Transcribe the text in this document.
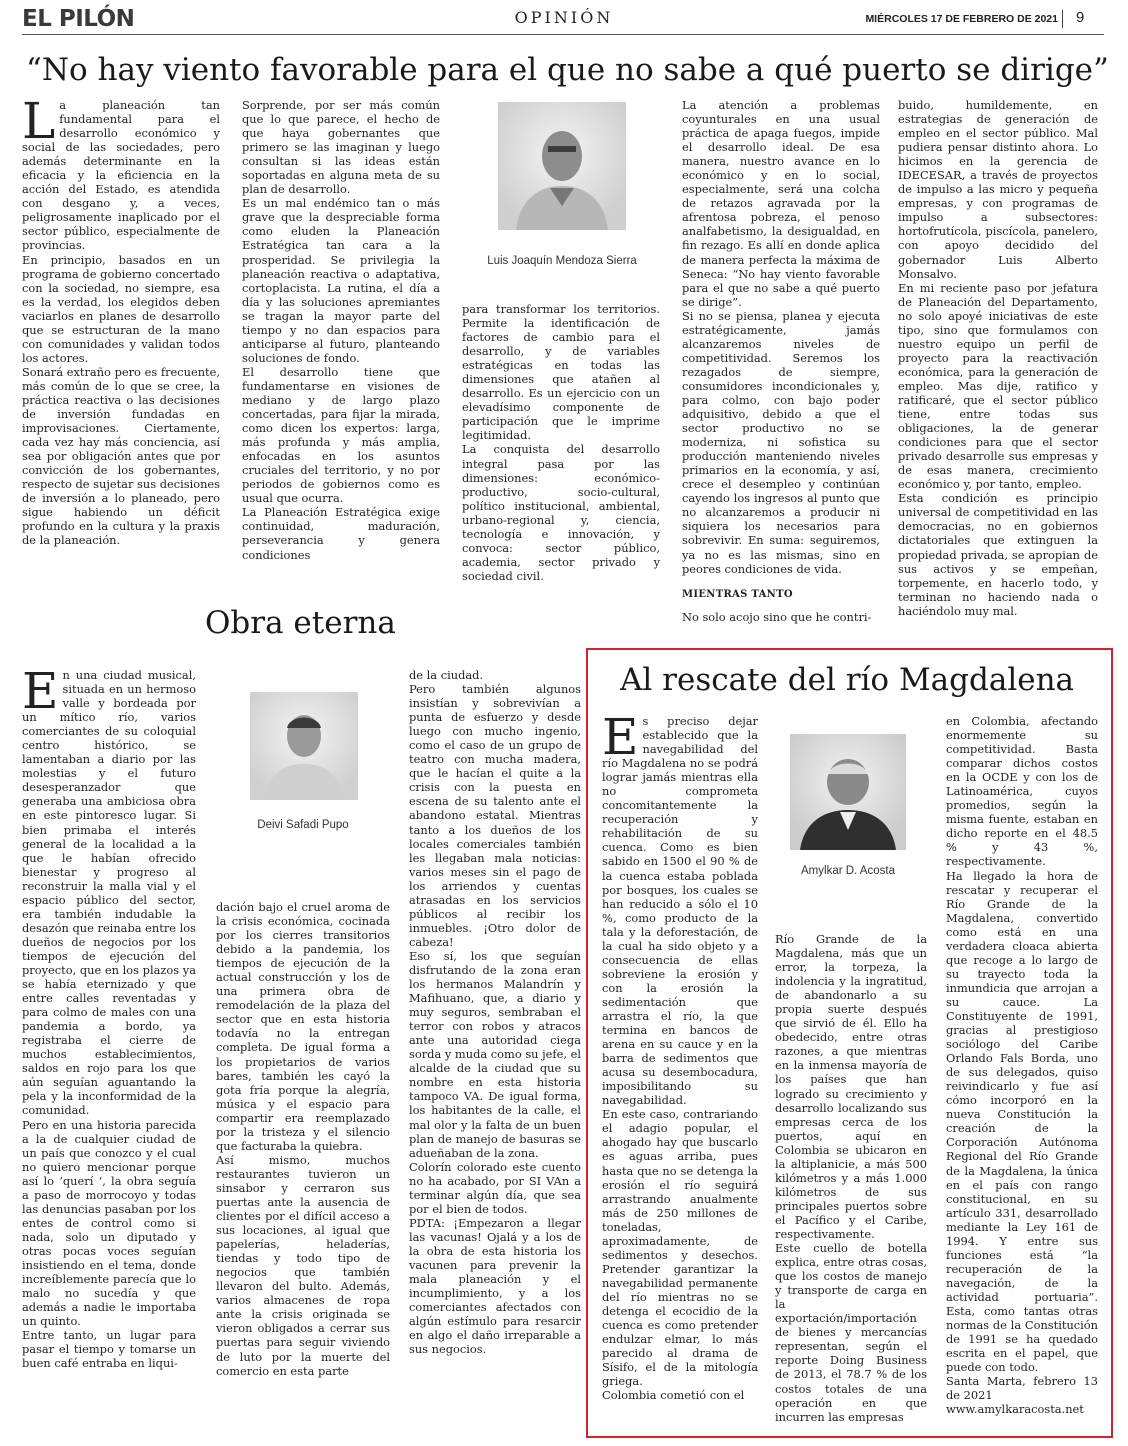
EL PILÓN	OPINIÓN	MIÉRCOLES 17 DE FEBRERO DE 2021 9
“No hay viento favorable para el que no sabe a qué puerto se dirige”
L a planeación tan fundamental para el desarrollo económico y social de las sociedades, pero además determinante en la eficacia y la eficiencia en la acción del Estado, es atendida con desgano y, a veces, peligrosamente inaplicado por el sector público, especialmente de provincias.

En principio, basados en un programa de gobierno concertado con la sociedad, no siempre, esa es la verdad, los elegidos deben vaciarlos en planes de desarrollo que se estructuran de la mano con comunidades y validan todos los actores.

Sonará extraño pero es frecuente, más común de lo que se cree, la práctica reactiva o las decisiones de inversión fundadas en improvisaciones. Ciertamente, cada vez hay más conciencia, así sea por obligación antes que por convicción de los gobernantes, respecto de sujetar sus decisiones de inversión a lo planeado, pero sigue habiendo un déficit profundo en la cultura y la praxis de la planeación.

Sorprende, por ser más común que lo que parece, el hecho de que haya gobernantes que primero se las imaginan y luego consultan si las ideas están soportadas en alguna meta de su plan de desarrollo.

Es un mal endémico tan o más grave que la despreciable forma como eluden la Planeación Estratégica tan cara a la prosperidad. Se privilegia la planeación reactiva o adaptativa, cortoplacista. La rutina, el día a día y las soluciones apremiantes se tragan la mayor parte del tiempo y no dan espacios para anticiparse al futuro, planteando soluciones de fondo.

El desarrollo tiene que fundamentarse en visiones de mediano y de largo plazo concertadas, para fijar la mirada, como dicen los expertos: larga, más profunda y más amplia, enfocadas en los asuntos cruciales del territorio, y no por periodos de gobiernos como es usual que ocurra.

La Planeación Estratégica exige continuidad, maduración, perseverancia y genera condiciones

Luis Joaquín Mendoza Sierra

para transformar los territorios. Permite la identificación de factores de cambio para el desarrollo, y de variables estratégicas en todas las dimensiones que atañen al desarrollo. Es un ejercicio con un elevadísimo componente de participación que le imprime legitimidad.

La conquista del desarrollo integral pasa por las dimensiones: económico-productivo, socio-cultural, político institucional, ambiental, urbano-regional y, ciencia, tecnología e innovación, y convoca: sector público, academia, sector privado y sociedad civil.

La atención a problemas coyunturales en una usual práctica de apaga fuegos, impide el desarrollo ideal. De esa manera, nuestro avance en lo económico y en lo social, especialmente, será una colcha de retazos agravada por la afrentosa pobreza, el penoso analfabetismo, la desigualdad, en fin rezago. Es allí en donde aplica de manera perfecta la máxima de Seneca: “No hay viento favorable para el que no sabe a qué puerto se dirige”.

Si no se piensa, planea y ejecuta estratégicamente, jamás alcanzaremos niveles de competitividad. Seremos los rezagados de siempre, consumidores incondicionales y, para colmo, con bajo poder adquisitivo, debido a que el sector productivo no se moderniza, ni sofistica su producción manteniendo niveles primarios en la economía, y así, crece el desempleo y continúan cayendo los ingresos al punto que no alcanzaremos a producir ni siquiera los necesarios para sobrevivir. En suma: seguiremos, ya no es las mismas, sino en peores condiciones de vida.

MIENTRAS TANTO

No solo acojo sino que he contri-

buido, humildemente, en estrategias de generación de empleo en el sector público. Mal pudiera pensar distinto ahora. Lo hicimos en la gerencia de IDECESAR, a través de proyectos de impulso a las micro y pequeña empresas, y con programas de impulso a subsectores: hortofrutícola, piscícola, panelero, con apoyo decidido del gobernador Luis Alberto Monsalvo.

En mi reciente paso por jefatura de Planeación del Departamento, no solo apoyé iniciativas de este tipo, sino que formulamos con nuestro equipo un perfil de proyecto para la reactivación económica, para la generación de empleo. Mas dije, ratifico y ratificaré, que el sector público tiene, entre todas sus obligaciones, la de generar condiciones para que el sector privado desarrolle sus empresas y de esas manera, crecimiento económico y, por tanto, empleo.

Esta condición es principio universal de competitividad en las democracias, no en gobiernos dictatoriales que extinguen la propiedad privada, se apropian de sus activos y se empeñan, torpemente, en hacerlo todo, y terminan no haciendo nada o haciéndolo muy mal.

Obra eterna
E n una ciudad musical, situada en un hermoso valle y bordeada por un mítico río, varios comerciantes de su coloquial centro histórico, se lamentaban a diario por las molestias y el futuro desesperanzador que generaba una ambiciosa obra en este pintoresco lugar. Si bien primaba el interés general de la localidad a la que le habían ofrecido bienestar y progreso al reconstruir la malla vial y el espacio público del sector, era también indudable la desazón que reinaba entre los dueños de negocios por los tiempos de ejecución del proyecto, que en los plazos ya se había eternizado y que entre calles reventadas y para colmo de males con una pandemia a bordo, ya registraba el cierre de muchos establecimientos, saldos en rojo para los que aún seguían aguantando la pela y la inconformidad de la comunidad.

Pero en una historia parecida a la de cualquier ciudad de un país que conozco y el cual no quiero mencionar porque así lo ‘querí ‘, la obra seguía a paso de morrocoyo y todas las denuncias pasaban por los entes de control como si nada, solo un diputado y otras pocas voces seguían insistiendo en el tema, donde increíblemente parecía que lo malo no sucedía y que además a nadie le importaba un quinto.

Entre tanto, un lugar para pasar el tiempo y tomarse un buen café entraba en liqui-

Deivi Safadi Pupo

dación bajo el cruel aroma de la crisis económica, cocinada por los cierres transitorios debido a la pandemia, los tiempos de ejecución de la actual construcción y los de una primera obra de remodelación de la plaza del sector que en esta historia todavía no la entregan completa. De igual forma a los propietarios de varios bares, también les cayó la gota fría porque la alegría, música y el espacio para compartir era reemplazado por la tristeza y el silencio que facturaba la quiebra.

Así mismo, muchos restaurantes tuvieron un sinsabor y cerraron sus puertas ante la ausencia de clientes por el difícil acceso a sus locaciones, al igual que papelerías, heladerías, tiendas y todo tipo de negocios que también llevaron del bulto. Además, varios almacenes de ropa ante la crisis originada se vieron obligados a cerrar sus puertas para seguir viviendo de luto por la muerte del comercio en esta parte

de la ciudad.

Pero también algunos insistían y sobrevivían a punta de esfuerzo y desde luego con mucho ingenio, como el caso de un grupo de teatro con mucha madera, que le hacían el quite a la crisis con la puesta en escena de su talento ante el abandono estatal. Mientras tanto a los dueños de los locales comerciales también les llegaban mala noticias: varios meses sin el pago de los arriendos y cuentas atrasadas en los servicios públicos al recibir los inmuebles. ¡Otro dolor de cabeza!

Eso sí, los que seguían disfrutando de la zona eran los hermanos Malandrín y Mafihuano, que, a diario y muy seguros, sembraban el terror con robos y atracos ante una autoridad ciega sorda y muda como su jefe, el alcalde de la ciudad que su nombre en esta historia tampoco VA. De igual forma, los habitantes de la calle, el mal olor y la falta de un buen plan de manejo de basuras se adueñaban de la zona.

Colorín colorado este cuento no ha acabado, por SI VAn a terminar algún día, que sea por el bien de todos.

PDTA: ¡Empezaron a llegar las vacunas! Ojalá y a los de la obra de esta historia los vacunen para prevenir la mala planeación y el incumplimiento, y a los comerciantes afectados con algún estímulo para resarcir en algo el daño irreparable a sus negocios.

Al rescate del río Magdalena
E s preciso dejar establecido que la navegabilidad del río Magdalena no se podrá lograr jamás mientras ella no comprometa concomitantemente la recuperación y rehabilitación de su cuenca. Como es bien sabido en 1500 el 90 % de la cuenca estaba poblada por bosques, los cuales se han reducido a sólo el 10 %, como producto de la tala y la deforestación, de la cual ha sido objeto y a consecuencia de ellas sobreviene la erosión y con la erosión la sedimentación que arrastra el río, la que termina en bancos de arena en su cauce y en la barra de sedimentos que acusa su desembocadura, imposibilitando su navegabilidad.

En este caso, contrariando el adagio popular, el ahogado hay que buscarlo es aguas arriba, pues hasta que no se detenga la erosión el río seguirá arrastrando anualmente más de 250 millones de toneladas, aproximadamente, de sedimentos y desechos. Pretender garantizar la navegabilidad permanente del río mientras no se detenga el ecocidio de la cuenca es como pretender endulzar elmar, lo más parecido al drama de Sísifo, el de la mitología griega.

Colombia cometió con el

Amylkar D. Acosta

Río Grande de la Magdalena, más que un error, la torpeza, la indolencia y la ingratitud, de abandonarlo a su propia suerte después que sirvió de él. Ello ha obedecido, entre otras razones, a que mientras en la inmensa mayoría de los países que han logrado su crecimiento y desarrollo localizando sus empresas cerca de los puertos, aquí en Colombia se ubicaron en la altiplanicie, a más 500 kilómetros y a más 1.000 kilómetros de sus principales puertos sobre el Pacífico y el Caribe, respectivamente.

Este cuello de botella explica, entre otras cosas, que los costos de manejo y transporte de carga en la exportación/importación de bienes y mercancías representan, según el reporte Doing Business de 2013, el 78.7 % de los costos totales de una operación en que incurren las empresas

en Colombia, afectando enormemente su competitividad. Basta comparar dichos costos en la OCDE y con los de Latinoamérica, cuyos promedios, según la misma fuente, estaban en dicho reporte en el 48.5 % y 43 %, respectivamente.

Ha llegado la hora de rescatar y recuperar el Río Grande de la Magdalena, convertido como está en una verdadera cloaca abierta que recoge a lo largo de su trayecto toda la inmundicia que arrojan a su cauce. La Constituyente de 1991, gracias al prestigioso sociólogo del Caribe Orlando Fals Borda, uno de sus delegados, quiso reivindicarlo y fue así cómo incorporó en la nueva Constitución la creación de la Corporación Autónoma Regional del Río Grande de la Magdalena, la única en el país con rango constitucional, en su artículo 331, desarrollado mediante la Ley 161 de 1994. Y entre sus funciones está “la recuperación de la navegación, de la actividad portuaria”. Esta, como tantas otras normas de la Constitución de 1991 se ha quedado escrita en el papel, que puede con todo.

Santa Marta, febrero 13 de 2021

www.amylkaracosta.net
